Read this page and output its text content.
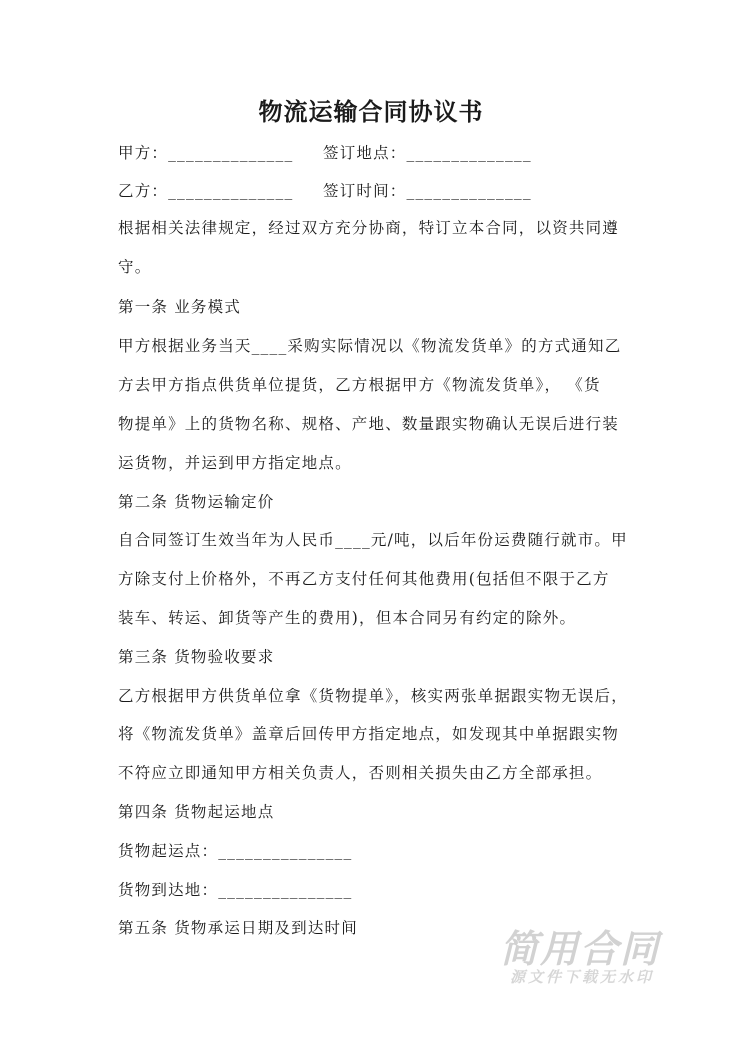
物流运输合同协议书
甲方：______________ 签订地点：______________
乙方：______________ 签订时间：______________
根据相关法律规定，经过双方充分协商，特订立本合同，以资共同遵
守。
第一条 业务模式
甲方根据业务当天____采购实际情况以《物流发货单》的方式通知乙
方去甲方指点供货单位提货，乙方根据甲方《物流发货单》， 《货
物提单》上的货物名称、规格、产地、数量跟实物确认无误后进行装
运货物，并运到甲方指定地点。
第二条 货物运输定价
自合同签订生效当年为人民币____元/吨，以后年份运费随行就市。甲
方除支付上价格外，不再乙方支付任何其他费用(包括但不限于乙方
装车、转运、卸货等产生的费用)，但本合同另有约定的除外。
第三条 货物验收要求
乙方根据甲方供货单位拿《货物提单》，核实两张单据跟实物无误后，
将《物流发货单》盖章后回传甲方指定地点，如发现其中单据跟实物
不符应立即通知甲方相关负责人，否则相关损失由乙方全部承担。
第四条 货物起运地点
货物起运点：_______________
货物到达地：_______________
第五条 货物承运日期及到达时间	简用合同
源文件下载无水印
